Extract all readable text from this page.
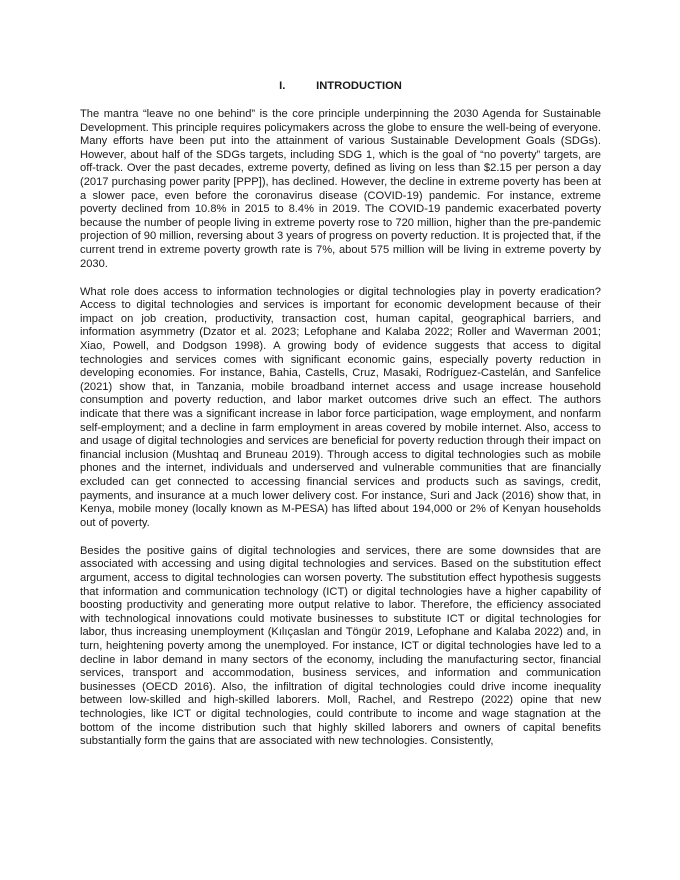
I.	INTRODUCTION

The mantra “leave no one behind” is the core principle underpinning the 2030 Agenda for Sustainable Development. This principle requires policymakers across the globe to ensure the well-being of everyone. Many efforts have been put into the attainment of various Sustainable Development Goals (SDGs). However, about half of the SDGs targets, including SDG 1, which is the goal of “no poverty” targets, are off-track. Over the past decades, extreme poverty, defined as living on less than $2.15 per person a day (2017 purchasing power parity [PPP]), has declined. However, the decline in extreme poverty has been at a slower pace, even before the coronavirus disease (COVID-19) pandemic. For instance, extreme poverty declined from 10.8% in 2015 to 8.4% in 2019. The COVID-19 pandemic exacerbated poverty because the number of people living in extreme poverty rose to 720 million, higher than the pre-pandemic projection of 90 million, reversing about 3 years of progress on poverty reduction. It is projected that, if the current trend in extreme poverty growth rate is 7%, about 575 million will be living in extreme poverty by 2030.

What role does access to information technologies or digital technologies play in poverty eradication? Access to digital technologies and services is important for economic development because of their impact on job creation, productivity, transaction cost, human capital, geographical barriers, and information asymmetry (Dzator et al. 2023; Lefophane and Kalaba 2022; Roller and Waverman 2001; Xiao, Powell, and Dodgson 1998). A growing body of evidence suggests that access to digital technologies and services comes with significant economic gains, especially poverty reduction in developing economies. For instance, Bahia, Castells, Cruz, Masaki, Rodríguez-Castelán, and Sanfelice (2021) show that, in Tanzania, mobile broadband internet access and usage increase household consumption and poverty reduction, and labor market outcomes drive such an effect. The authors indicate that there was a significant increase in labor force participation, wage employment, and nonfarm self-employment; and a decline in farm employment in areas covered by mobile internet. Also, access to and usage of digital technologies and services are beneficial for poverty reduction through their impact on financial inclusion (Mushtaq and Bruneau 2019). Through access to digital technologies such as mobile phones and the internet, individuals and underserved and vulnerable communities that are financially excluded can get connected to accessing financial services and products such as savings, credit, payments, and insurance at a much lower delivery cost. For instance, Suri and Jack (2016) show that, in Kenya, mobile money (locally known as M-PESA) has lifted about 194,000 or 2% of Kenyan households out of poverty.

Besides the positive gains of digital technologies and services, there are some downsides that are associated with accessing and using digital technologies and services. Based on the substitution effect argument, access to digital technologies can worsen poverty. The substitution effect hypothesis suggests that information and communication technology (ICT) or digital technologies have a higher capability of boosting productivity and generating more output relative to labor. Therefore, the efficiency associated with technological innovations could motivate businesses to substitute ICT or digital technologies for labor, thus increasing unemployment (Kılıçaslan and Töngür 2019, Lefophane and Kalaba 2022) and, in turn, heightening poverty among the unemployed. For instance, ICT or digital technologies have led to a decline in labor demand in many sectors of the economy, including the manufacturing sector, financial services, transport and accommodation, business services, and information and communication businesses (OECD 2016). Also, the infiltration of digital technologies could drive income inequality between low-skilled and high-skilled laborers. Moll, Rachel, and Restrepo (2022) opine that new technologies, like ICT or digital technologies, could contribute to income and wage stagnation at the bottom of the income distribution such that highly skilled laborers and owners of capital benefits substantially form the gains that are associated with new technologies. Consistently,
